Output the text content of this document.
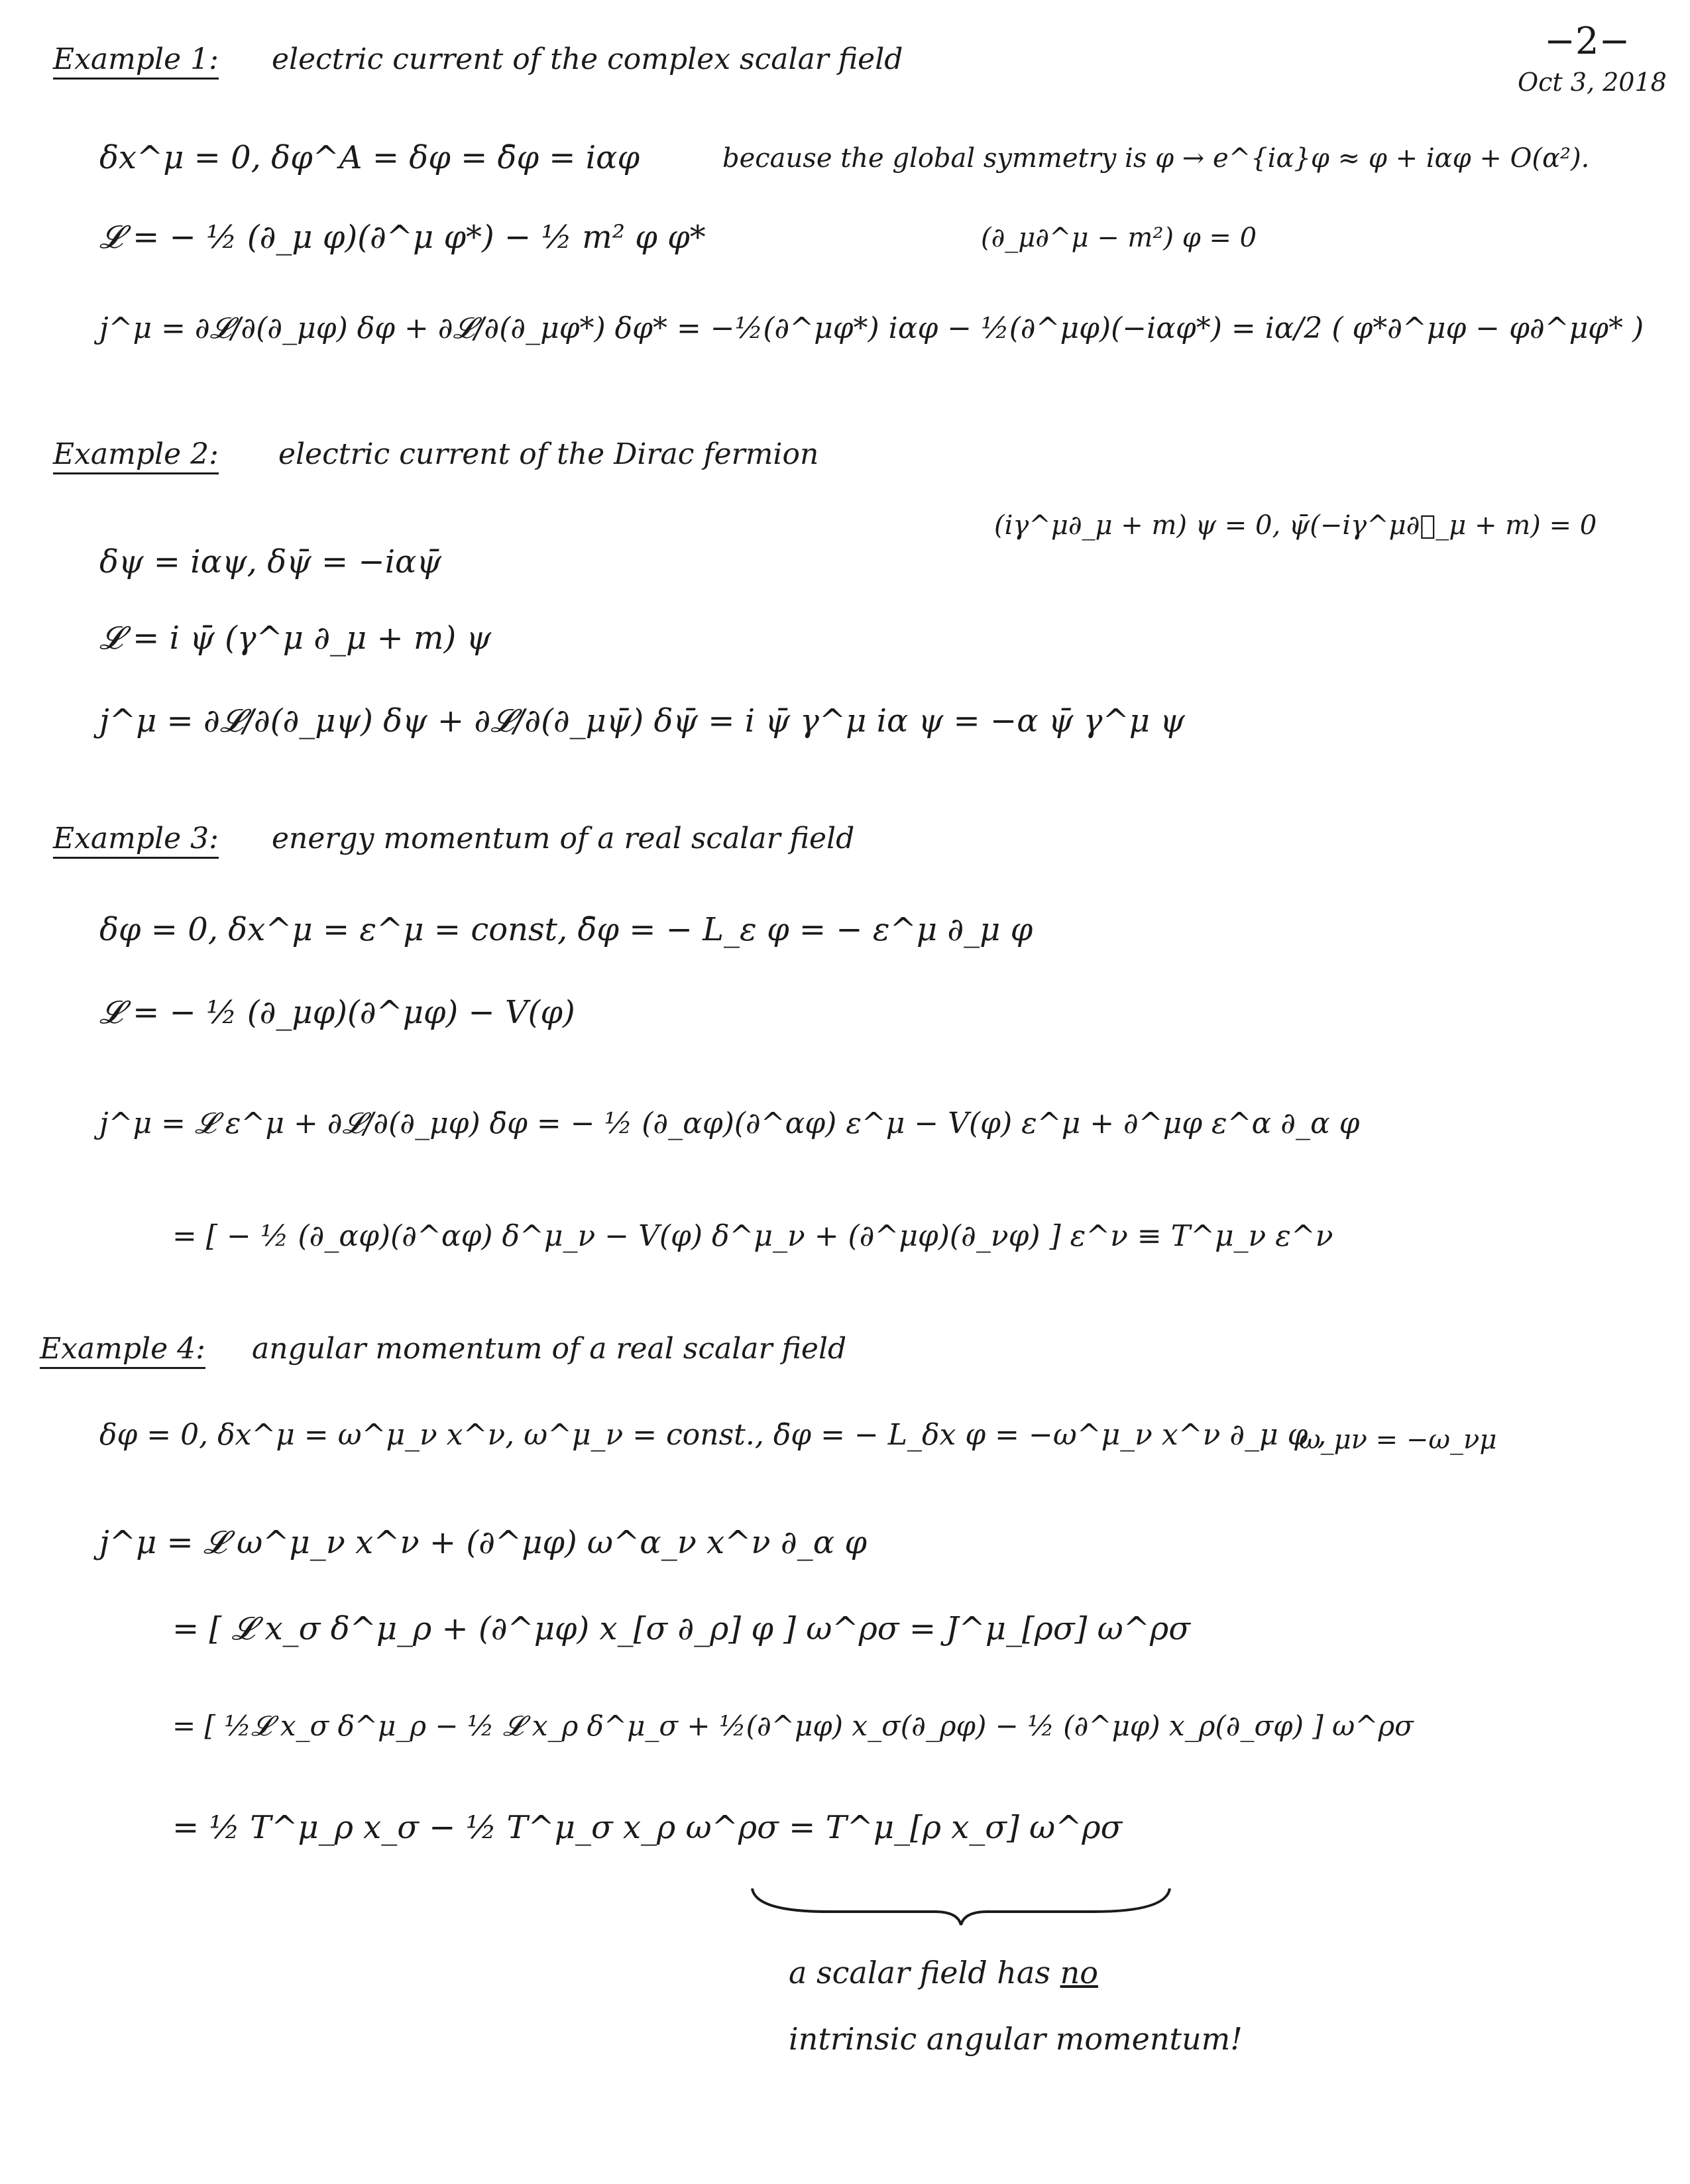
−2−
Oct 3, 2018
Example 1: electric current of the complex scalar field
δx^μ = 0, δφ^A = δφ = δ̄φ = iαφ	because the global symmetry is φ → e^{iα}φ ≈ φ + iαφ + O(α²).
𝓛 = − ½ (∂_μ φ)(∂^μ φ*) − ½ m² φ φ*	(∂_μ∂^μ − m²) φ = 0
j^μ = ∂𝓛/∂(∂_μφ) δφ + ∂𝓛/∂(∂_μφ*) δφ* = −½(∂^μφ*) iαφ − ½(∂^μφ)(−iαφ*) = iα/2 ( φ*∂^μφ − φ∂^μφ* )
Example 2: electric current of the Dirac fermion
(iγ^μ∂_μ + m) ψ = 0, ψ̄(−iγ^μ∂⃖_μ + m) = 0
δψ = iαψ, δψ̄ = −iαψ̄
𝓛 = i ψ̄ (γ^μ ∂_μ + m) ψ
j^μ = ∂𝓛/∂(∂_μψ) δψ + ∂𝓛/∂(∂_μψ̄) δψ̄ = i ψ̄ γ^μ iα ψ = −α ψ̄ γ^μ ψ
Example 3: energy momentum of a real scalar field
δφ = 0, δx^μ = ε^μ = const, δ̄φ = − L_ε φ = − ε^μ ∂_μ φ
𝓛 = − ½ (∂_μφ)(∂^μφ) − V(φ)
j^μ = 𝓛 ε^μ + ∂𝓛/∂(∂_μφ) δ̄φ = − ½ (∂_αφ)(∂^αφ) ε^μ − V(φ) ε^μ + ∂^μφ ε^α ∂_α φ
= [ − ½ (∂_αφ)(∂^αφ) δ^μ_ν − V(φ) δ^μ_ν + (∂^μφ)(∂_νφ) ] ε^ν ≡ T^μ_ν ε^ν
Example 4: angular momentum of a real scalar field
δφ = 0, δx^μ = ω^μ_ν x^ν, ω^μ_ν = const., δ̄φ = − L_δx φ = −ω^μ_ν x^ν ∂_μ φ ,
ω_μν = −ω_νμ
j^μ = 𝓛 ω^μ_ν x^ν + (∂^μφ) ω^α_ν x^ν ∂_α φ
= [ 𝓛 x_σ δ^μ_ρ + (∂^μφ) x_[σ ∂_ρ] φ ] ω^ρσ = J^μ_[ρσ] ω^ρσ
= [ ½𝓛 x_σ δ^μ_ρ − ½ 𝓛 x_ρ δ^μ_σ + ½(∂^μφ) x_σ(∂_ρφ) − ½ (∂^μφ) x_ρ(∂_σφ) ] ω^ρσ
= ½ T^μ_ρ x_σ − ½ T^μ_σ x_ρ ω^ρσ = T^μ_[ρ x_σ] ω^ρσ
a scalar field has no
intrinsic angular momentum!
